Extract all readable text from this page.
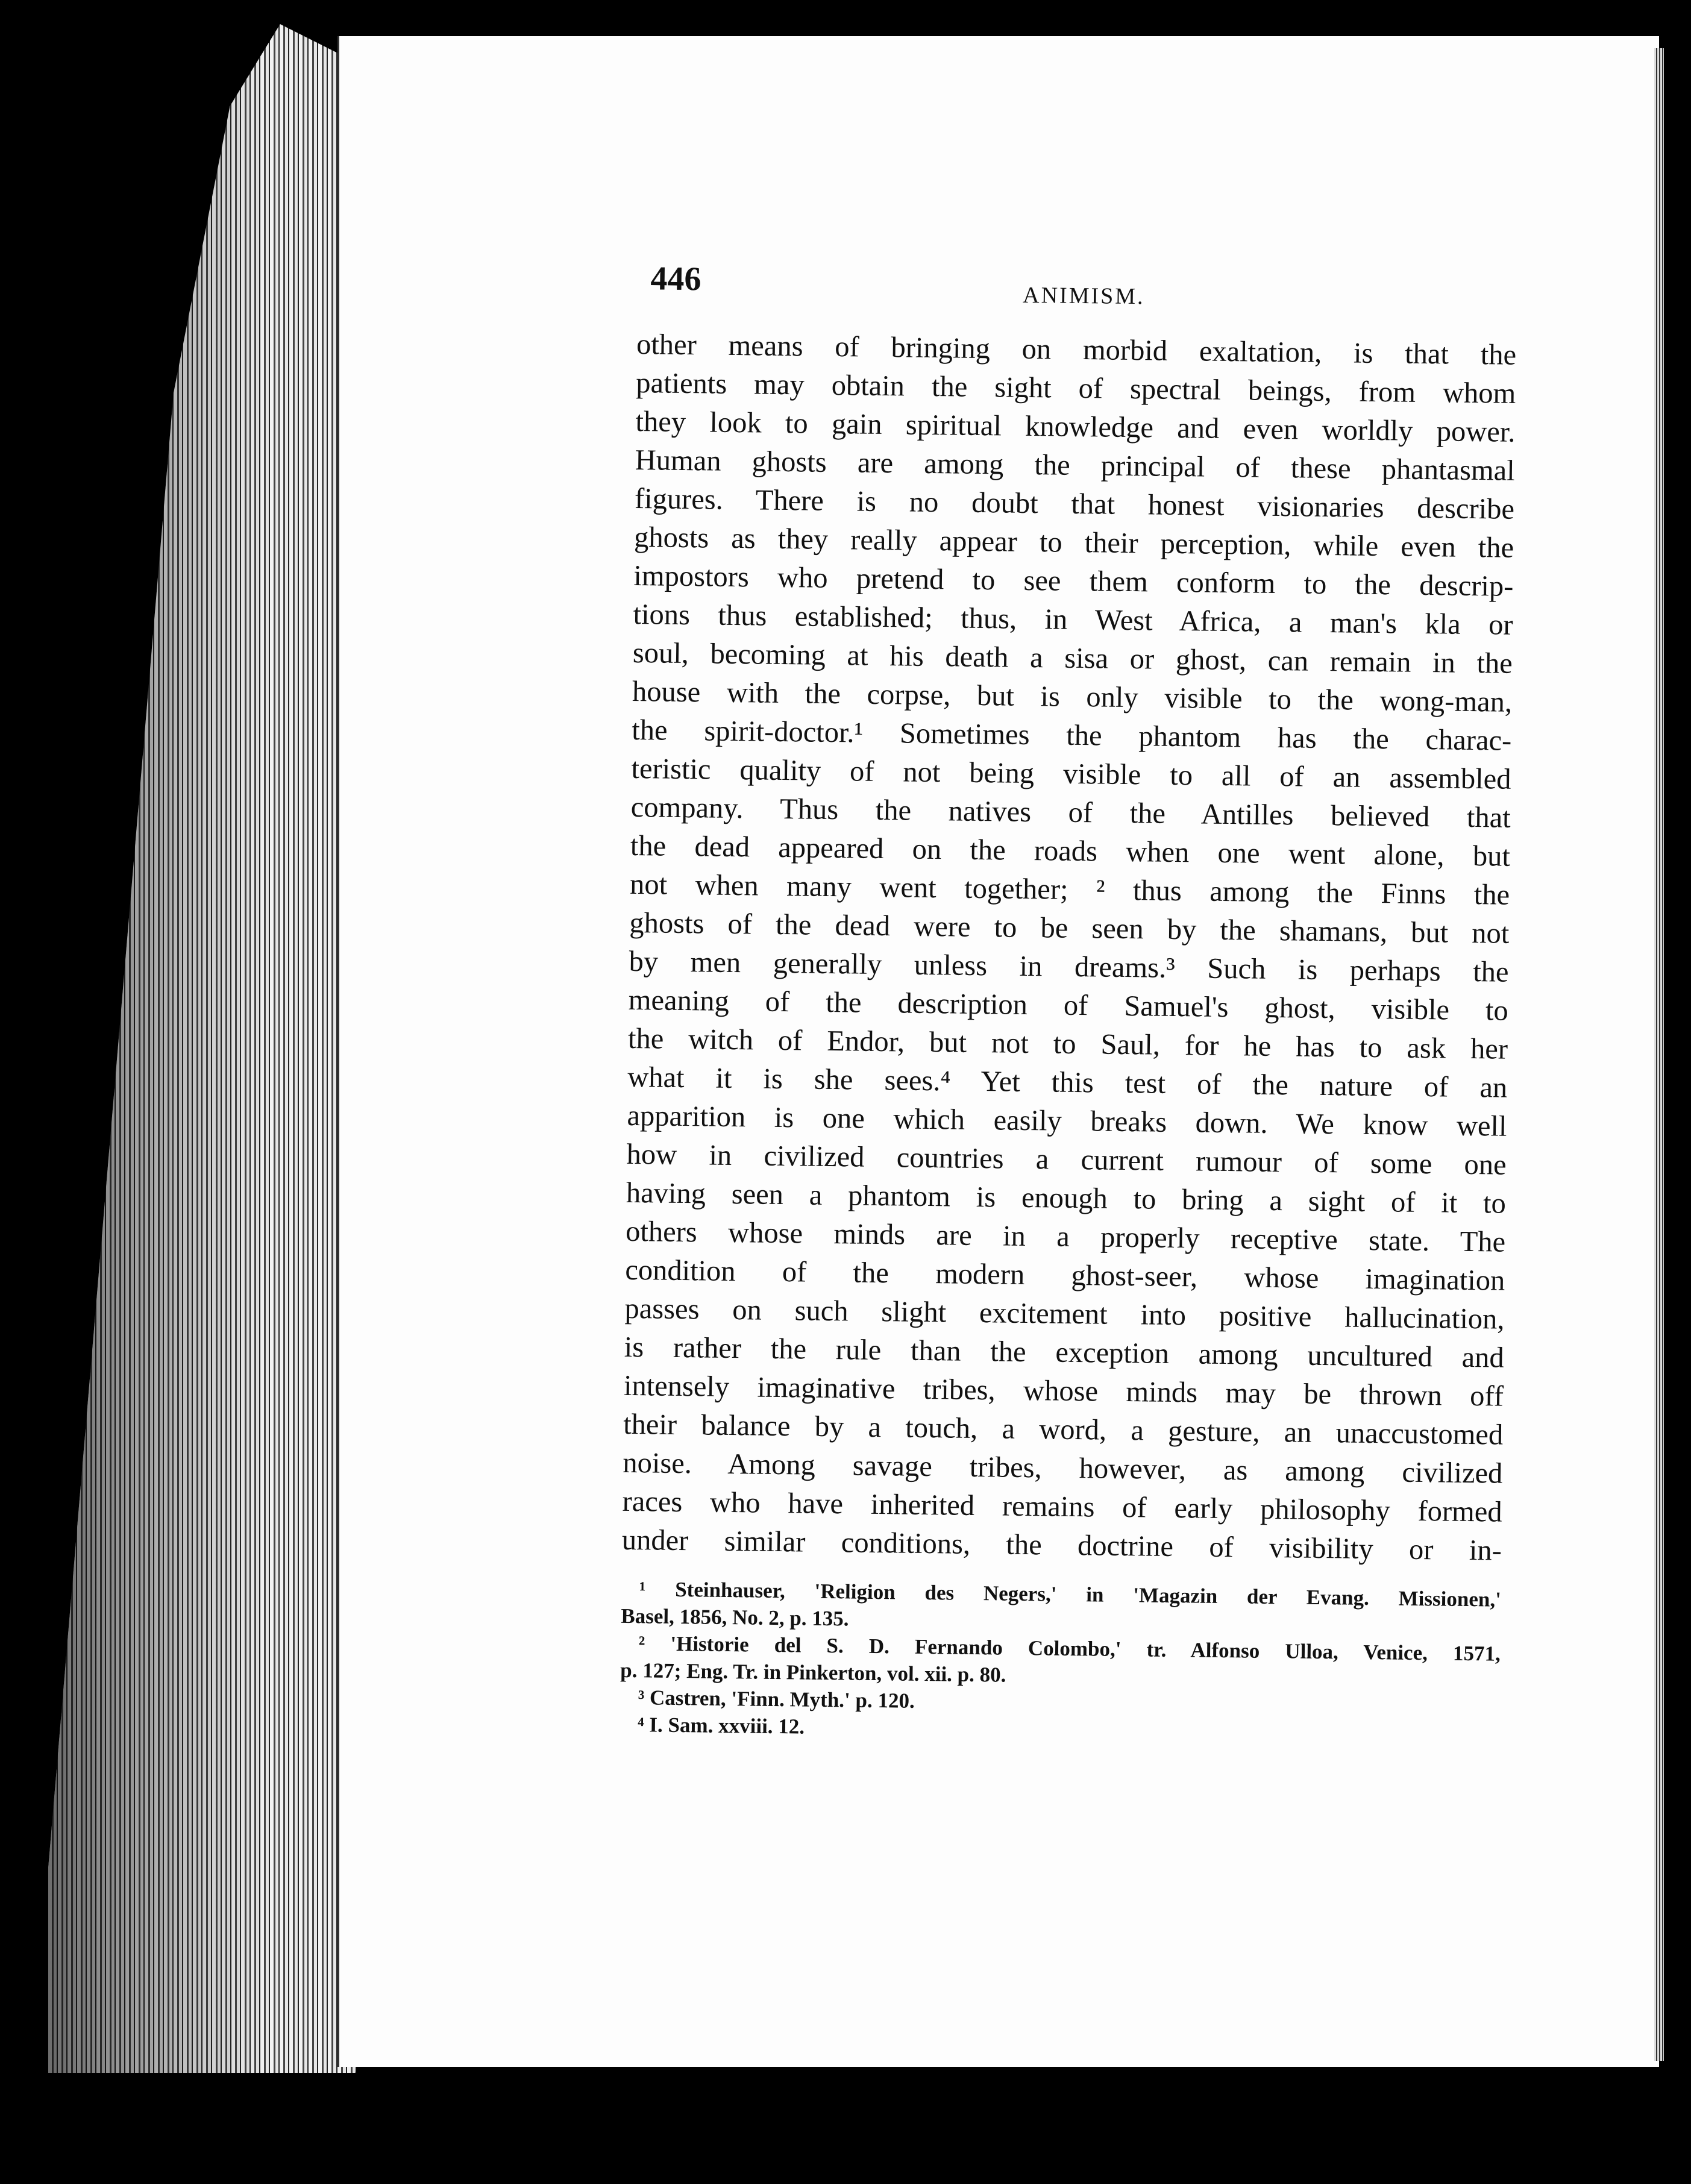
446	ANIMISM.
other means of bringing on morbid exaltation, is that the
patients may obtain the sight of spectral beings, from whom
they look to gain spiritual knowledge and even worldly power.
Human ghosts are among the principal of these phantasmal
figures. There is no doubt that honest visionaries describe
ghosts as they really appear to their perception, while even the
impostors who pretend to see them conform to the descrip-
tions thus established; thus, in West Africa, a man's kla or
soul, becoming at his death a sisa or ghost, can remain in the
house with the corpse, but is only visible to the wong-man,
the spirit-doctor.¹ Sometimes the phantom has the charac-
teristic quality of not being visible to all of an assembled
company. Thus the natives of the Antilles believed that
the dead appeared on the roads when one went alone, but
not when many went together; ² thus among the Finns the
ghosts of the dead were to be seen by the shamans, but not
by men generally unless in dreams.³ Such is perhaps the
meaning of the description of Samuel's ghost, visible to
the witch of Endor, but not to Saul, for he has to ask her
what it is she sees.⁴ Yet this test of the nature of an
apparition is one which easily breaks down. We know well
how in civilized countries a current rumour of some one
having seen a phantom is enough to bring a sight of it to
others whose minds are in a properly receptive state. The
condition of the modern ghost-seer, whose imagination
passes on such slight excitement into positive hallucination,
is rather the rule than the exception among uncultured and
intensely imaginative tribes, whose minds may be thrown off
their balance by a touch, a word, a gesture, an unaccustomed
noise. Among savage tribes, however, as among civilized
races who have inherited remains of early philosophy formed
under similar conditions, the doctrine of visibility or in-
¹ Steinhauser, 'Religion des Negers,' in 'Magazin der Evang. Missionen,'
Basel, 1856, No. 2, p. 135.
² 'Historie del S. D. Fernando Colombo,' tr. Alfonso Ulloa, Venice, 1571,
p. 127; Eng. Tr. in Pinkerton, vol. xii. p. 80.
³ Castren, 'Finn. Myth.' p. 120.
⁴ I. Sam. xxviii. 12.
